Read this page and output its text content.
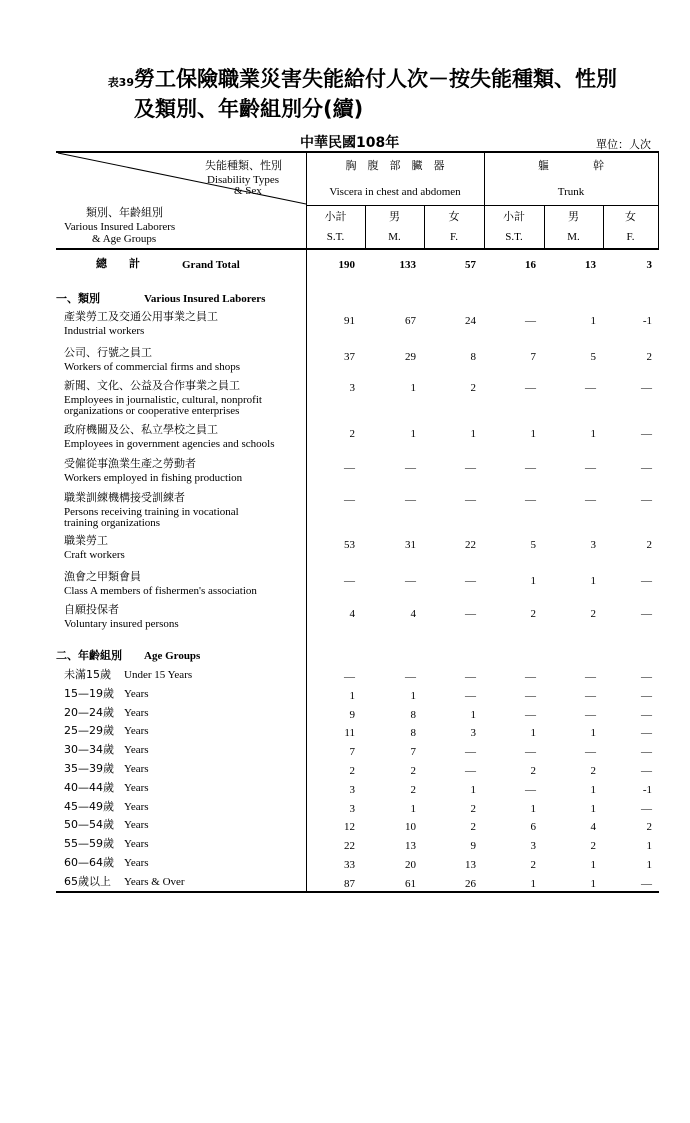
表39勞工保險職業災害失能給付人次－按失能種類、性別
及類別、年齡組別分(續)
中華民國108年	單位：人次
失能種類、性別
Disability Types
& Sex
類別、年齡組別
Various Insured Laborers
& Age Groups
胸　腹　部　臟　器
Viscera in chest and abdomen
軀　　　　幹
Trunk
小計
S.T.
男
M.
女
F.
小計
S.T.
男
M.
女
F.
總　　計	Grand Total	190	133	57	16	13	3
一、類別	Various Insured Laborers
產業勞工及交通公用事業之員工
Industrial workers
91	67	24	—	1	-1
公司、行號之員工
Workers of commercial firms and shops
37	29	8	7	5	2
新聞、文化、公益及合作事業之員工
Employees in journalistic, cultural, nonprofit
organizations or cooperative enterprises
3	1	2	—	—	—
政府機關及公、私立學校之員工
Employees in government agencies and schools
2	1	1	1	1	—
受僱從事漁業生產之勞動者
Workers employed in fishing production
—	—	—	—	—	—
職業訓練機構接受訓練者
Persons receiving training in vocational
training organizations
—	—	—	—	—	—
職業勞工
Craft workers
53	31	22	5	3	2
漁會之甲類會員
Class A members of fishermen's association
—	—	—	1	1	—
自願投保者
Voluntary insured persons
4	4	—	2	2	—
二、年齡組別 Age Groups
未滿15歲 Under 15 Years	—	—	—	—	—	—
15—19歲 Years	1	1	—	—	—	—
20—24歲 Years	9	8	1	—	—	—
25—29歲 Years	11	8	3	1	1	—
30—34歲 Years	7	7	—	—	—	—
35—39歲 Years	2	2	—	2	2	—
40—44歲 Years	3	2	1	—	1	-1
45—49歲 Years	3	1	2	1	1	—
50—54歲 Years	12	10	2	6	4	2
55—59歲 Years	22	13	9	3	2	1
60—64歲 Years	33	20	13	2	1	1
65歲以上 Years & Over	87	61	26	1	1	—
